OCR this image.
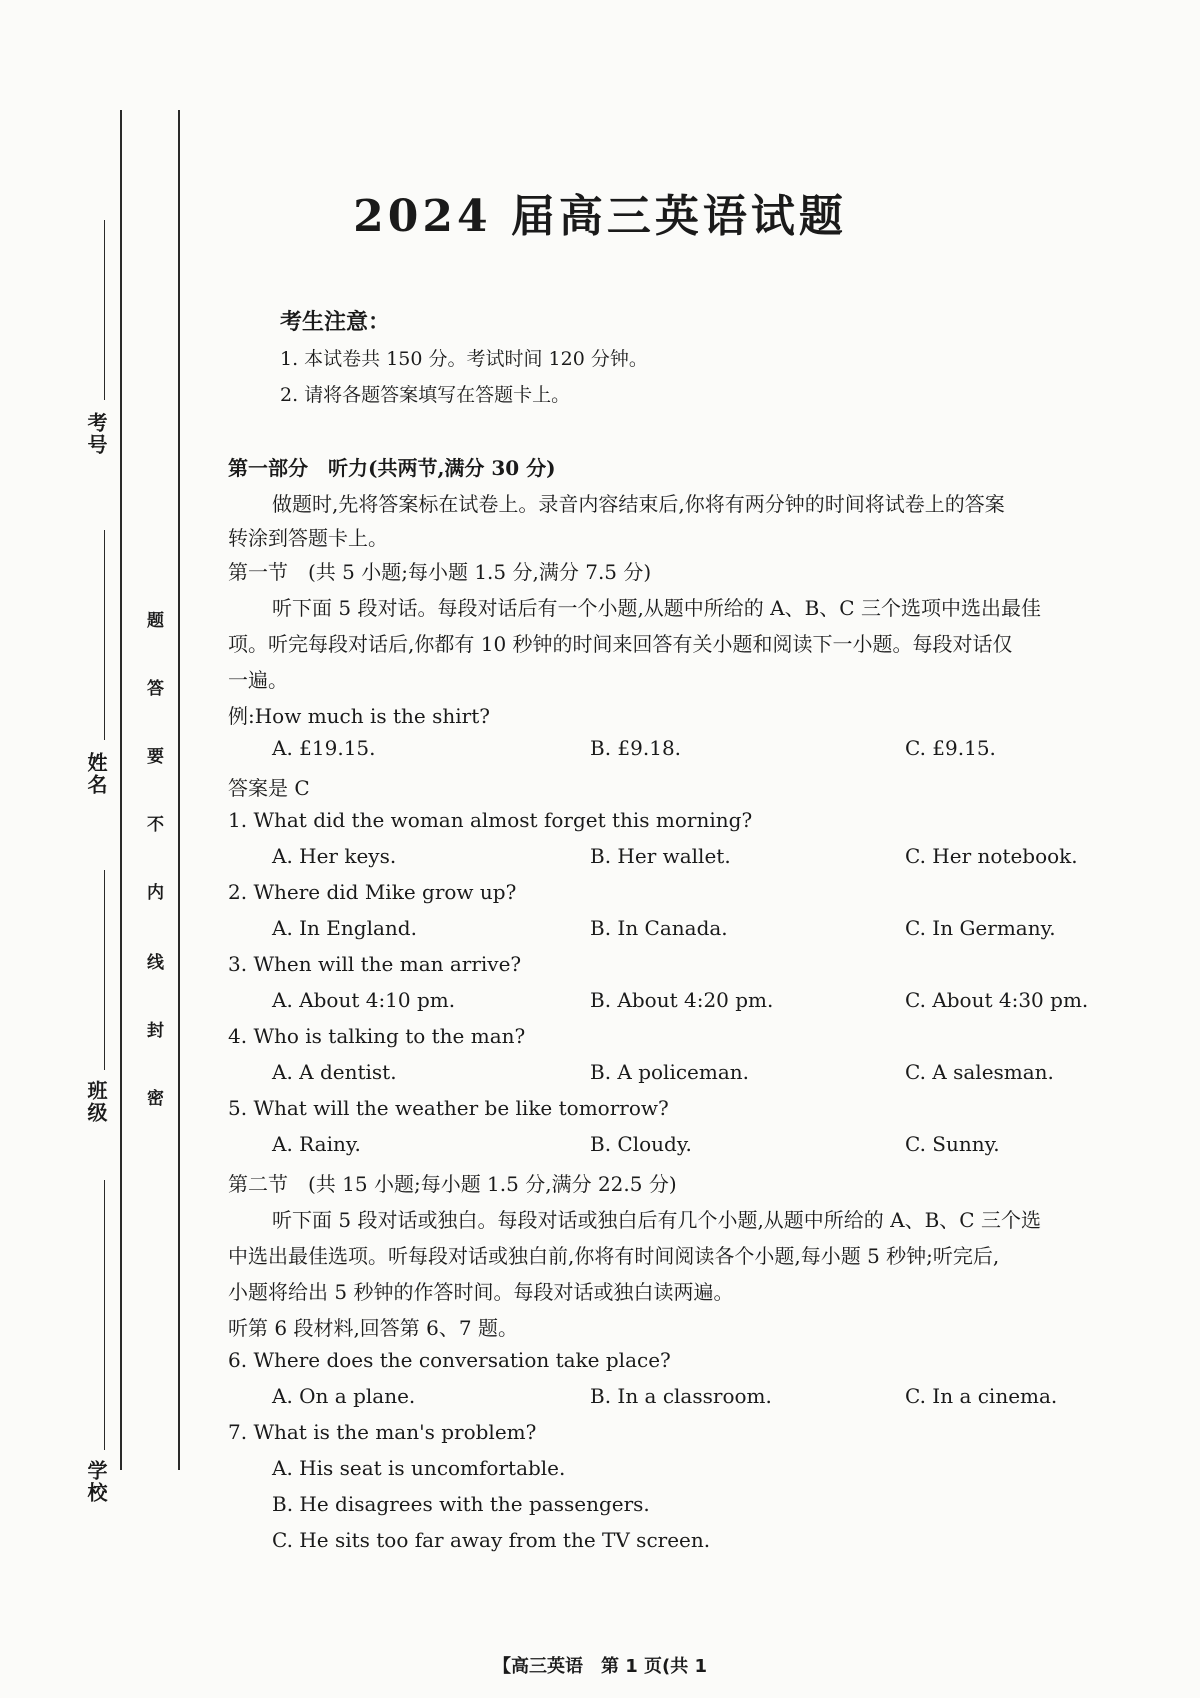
考号
姓名
班级
学校
题
答
要
不
内
线
封
密
2024 届高三英语试题
考生注意：
1. 本试卷共 150 分。考试时间 120 分钟。
2. 请将各题答案填写在答题卡上。
第一部分　听力(共两节,满分 30 分)
做题时,先将答案标在试卷上。录音内容结束后,你将有两分钟的时间将试卷上的答案
转涂到答题卡上。
第一节　(共 5 小题;每小题 1.5 分,满分 7.5 分)
听下面 5 段对话。每段对话后有一个小题,从题中所给的 A、B、C 三个选项中选出最佳
项。听完每段对话后,你都有 10 秒钟的时间来回答有关小题和阅读下一小题。每段对话仅
一遍。
例:How much is the shirt?
A. £19.15.	B. £9.18.	C. £9.15.
答案是 C
1. What did the woman almost forget this morning?
A. Her keys.	B. Her wallet.	C. Her notebook.
2. Where did Mike grow up?
A. In England.	B. In Canada.	C. In Germany.
3. When will the man arrive?
A. About 4:10 pm.	B. About 4:20 pm.	C. About 4:30 pm.
4. Who is talking to the man?
A. A dentist.	B. A policeman.	C. A salesman.
5. What will the weather be like tomorrow?
A. Rainy.	B. Cloudy.	C. Sunny.
第二节　(共 15 小题;每小题 1.5 分,满分 22.5 分)
听下面 5 段对话或独白。每段对话或独白后有几个小题,从题中所给的 A、B、C 三个选
中选出最佳选项。听每段对话或独白前,你将有时间阅读各个小题,每小题 5 秒钟;听完后,
小题将给出 5 秒钟的作答时间。每段对话或独白读两遍。
听第 6 段材料,回答第 6、7 题。
6. Where does the conversation take place?
A. On a plane.	B. In a classroom.	C. In a cinema.
7. What is the man's problem?
A. His seat is uncomfortable.
B. He disagrees with the passengers.
C. He sits too far away from the TV screen.
【高三英语　第 1 页(共 1
